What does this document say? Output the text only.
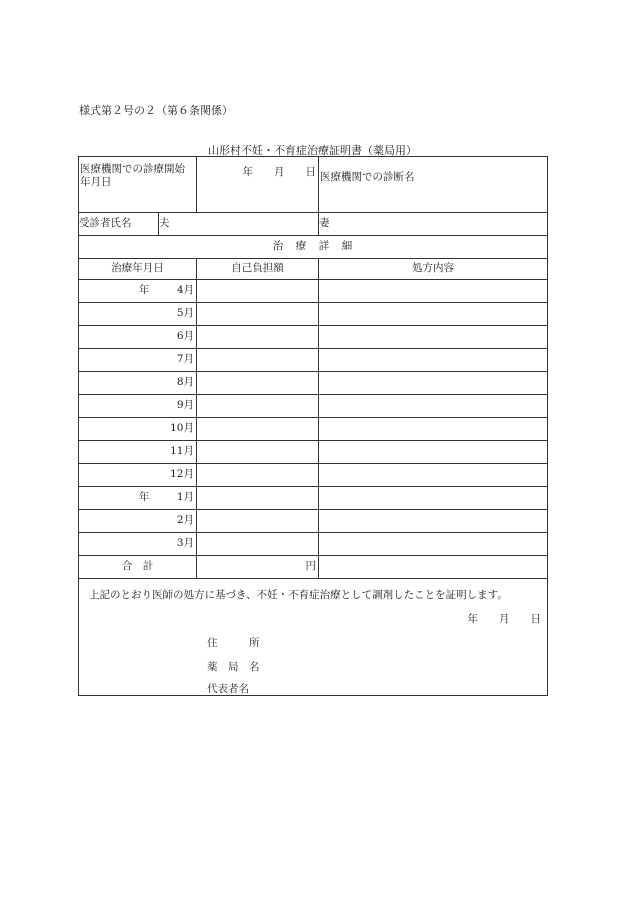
様式第２号の２（第６条関係）
山形村不妊・不育症治療証明書（薬局用）
医療機関での診療開始年月日		年　　月　　日	医療機関での診断名

受診者氏名	夫		妻
治　療　詳　細			
治療年月日		自己負担額	処方内容
年 4月			
5月			
6月			
7月			
8月			
9月			
10月			
11月			
12月			
年 1月			
2月			
3月			
合　計		円	

上記のとおり医師の処方に基づき、不妊・不育症治療として調剤したことを証明します。
年　　月　　日
住　　　所
薬　局　名
代表者名			
